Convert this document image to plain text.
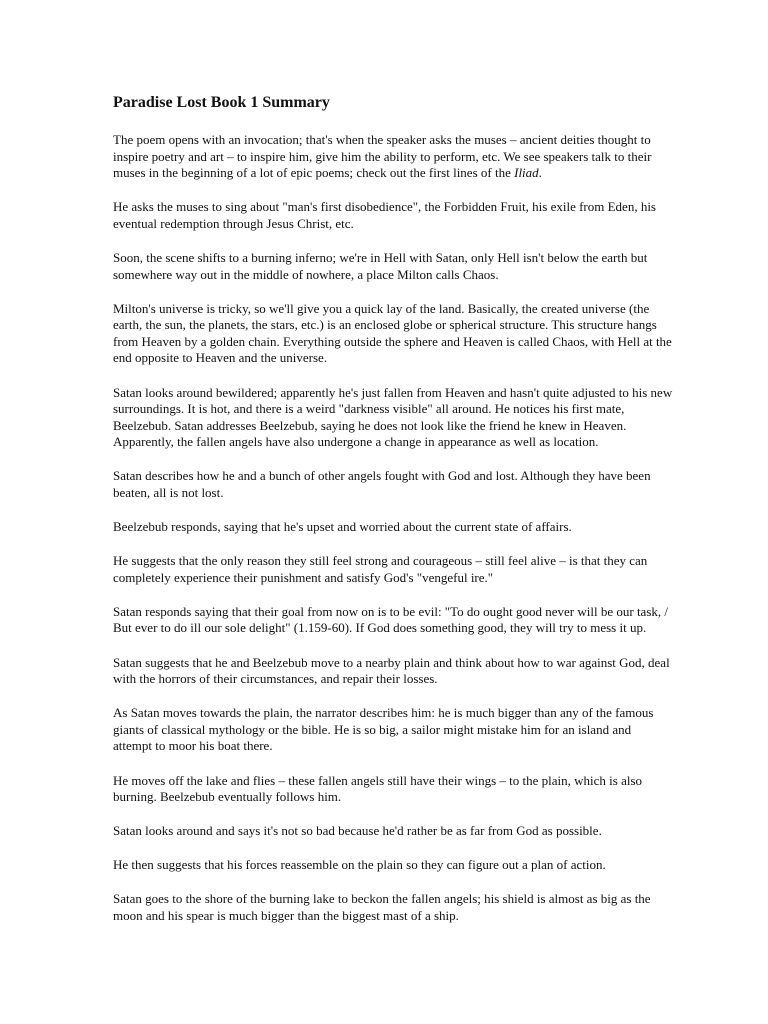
Paradise Lost Book 1 Summary

The poem opens with an invocation; that's when the speaker asks the muses – ancient deities thought to inspire poetry and art – to inspire him, give him the ability to perform, etc. We see speakers talk to their muses in the beginning of a lot of epic poems; check out the first lines of the Iliad.

He asks the muses to sing about "man's first disobedience", the Forbidden Fruit, his exile from Eden, his eventual redemption through Jesus Christ, etc.

Soon, the scene shifts to a burning inferno; we're in Hell with Satan, only Hell isn't below the earth but somewhere way out in the middle of nowhere, a place Milton calls Chaos.

Milton's universe is tricky, so we'll give you a quick lay of the land. Basically, the created universe (the earth, the sun, the planets, the stars, etc.) is an enclosed globe or spherical structure. This structure hangs from Heaven by a golden chain. Everything outside the sphere and Heaven is called Chaos, with Hell at the end opposite to Heaven and the universe.

Satan looks around bewildered; apparently he's just fallen from Heaven and hasn't quite adjusted to his new surroundings. It is hot, and there is a weird "darkness visible" all around. He notices his first mate, Beelzebub. Satan addresses Beelzebub, saying he does not look like the friend he knew in Heaven. Apparently, the fallen angels have also undergone a change in appearance as well as location.

Satan describes how he and a bunch of other angels fought with God and lost. Although they have been beaten, all is not lost.

Beelzebub responds, saying that he's upset and worried about the current state of affairs.

He suggests that the only reason they still feel strong and courageous – still feel alive – is that they can completely experience their punishment and satisfy God's "vengeful ire."

Satan responds saying that their goal from now on is to be evil: "To do ought good never will be our task, / But ever to do ill our sole delight" (1.159-60). If God does something good, they will try to mess it up.

Satan suggests that he and Beelzebub move to a nearby plain and think about how to war against God, deal with the horrors of their circumstances, and repair their losses.

As Satan moves towards the plain, the narrator describes him: he is much bigger than any of the famous giants of classical mythology or the bible. He is so big, a sailor might mistake him for an island and attempt to moor his boat there.

He moves off the lake and flies – these fallen angels still have their wings – to the plain, which is also burning. Beelzebub eventually follows him.

Satan looks around and says it's not so bad because he'd rather be as far from God as possible.

He then suggests that his forces reassemble on the plain so they can figure out a plan of action.

Satan goes to the shore of the burning lake to beckon the fallen angels; his shield is almost as big as the moon and his spear is much bigger than the biggest mast of a ship.
